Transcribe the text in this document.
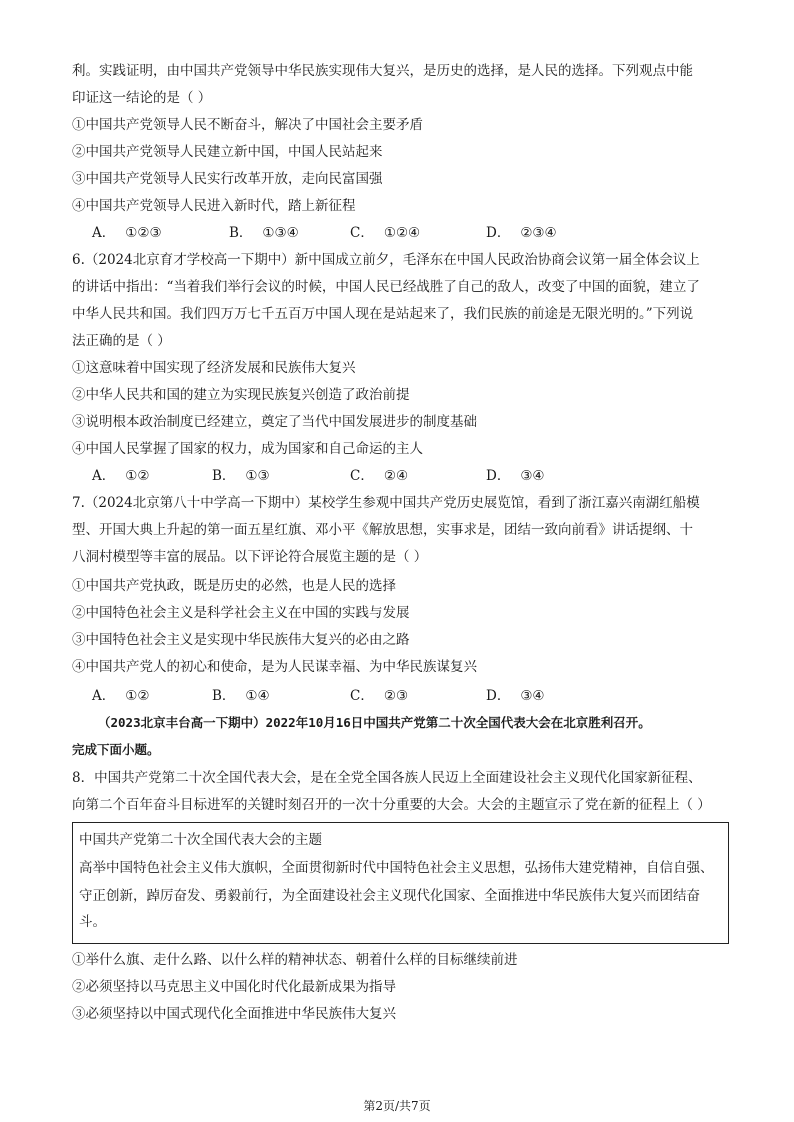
利。实践证明，由中国共产党领导中华民族实现伟大复兴，是历史的选择，是人民的选择。下列观点中能
印证这一结论的是（ ）
①中国共产党领导人民不断奋斗，解决了中国社会主要矛盾
②中国共产党领导人民建立新中国，中国人民站起来
③中国共产党领导人民实行改革开放，走向民富国强
④中国共产党领导人民进入新时代，踏上新征程
A． ①②③	B． ①③④	C． ①②④	D． ②③④
6.（2024北京育才学校高一下期中）新中国成立前夕，毛泽东在中国人民政治协商会议第一届全体会议上
的讲话中指出：“当着我们举行会议的时候，中国人民已经战胜了自己的敌人，改变了中国的面貌，建立了
中华人民共和国。我们四万万七千五百万中国人现在是站起来了，我们民族的前途是无限光明的。”下列说
法正确的是（ ）
①这意味着中国实现了经济发展和民族伟大复兴
②中华人民共和国的建立为实现民族复兴创造了政治前提
③说明根本政治制度已经建立，奠定了当代中国发展进步的制度基础
④中国人民掌握了国家的权力，成为国家和自己命运的主人
A． ①②	B． ①③	C． ②④	D． ③④
7.（2024北京第八十中学高一下期中）某校学生参观中国共产党历史展览馆，看到了浙江嘉兴南湖红船模
型、开国大典上升起的第一面五星红旗、邓小平《解放思想，实事求是，团结一致向前看》讲话提纲、十
八洞村模型等丰富的展品。以下评论符合展览主题的是（ ）
①中国共产党执政，既是历史的必然，也是人民的选择
②中国特色社会主义是科学社会主义在中国的实践与发展
③中国特色社会主义是实现中华民族伟大复兴的必由之路
④中国共产党人的初心和使命，是为人民谋幸福、为中华民族谋复兴
A． ①②	B． ①④	C． ②③	D． ③④
（2023北京丰台高一下期中）2022年10月16日中国共产党第二十次全国代表大会在北京胜利召开。
完成下面小题。
8．中国共产党第二十次全国代表大会，是在全党全国各族人民迈上全面建设社会主义现代化国家新征程、
向第二个百年奋斗目标进军的关键时刻召开的一次十分重要的大会。大会的主题宣示了党在新的征程上（ ）
中国共产党第二十次全国代表大会的主题
高举中国特色社会主义伟大旗帜，全面贯彻新时代中国特色社会主义思想，弘扬伟大建党精神，自信自强、
守正创新，踔厉奋发、勇毅前行，为全面建设社会主义现代化国家、全面推进中华民族伟大复兴而团结奋
斗。
①举什么旗、走什么路、以什么样的精神状态、朝着什么样的目标继续前进
②必须坚持以马克思主义中国化时代化最新成果为指导
③必须坚持以中国式现代化全面推进中华民族伟大复兴
第2页/共7页
